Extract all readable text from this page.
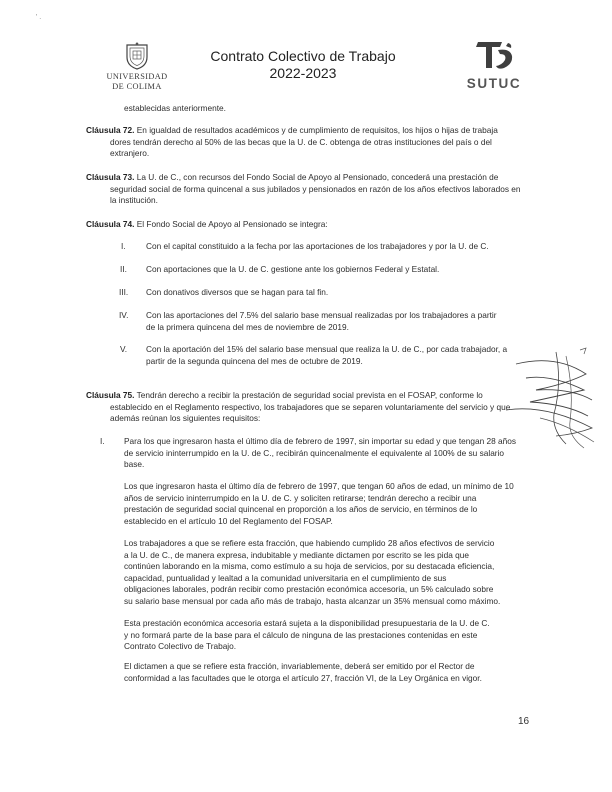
' .
UNIVERSIDAD
DE COLIMA
Contrato Colectivo de Trabajo
2022-2023
SUTUC
establecidas anteriormente.
Cláusula 72. En igualdad de resultados académicos y de cumplimiento de requisitos, los hijos o hijas de trabaja
dores tendrán derecho al 50% de las becas que la U. de C. obtenga de otras instituciones del país o del
extranjero.
Cláusula 73. La U. de C., con recursos del Fondo Social de Apoyo al Pensionado, concederá una prestación de
seguridad social de forma quincenal a sus jubilados y pensionados en razón de los años efectivos laborados en
la institución.
Cláusula 74. El Fondo Social de Apoyo al Pensionado se integra:
I. Con el capital constituido a la fecha por las aportaciones de los trabajadores y por la U. de C.
II. Con aportaciones que la U. de C. gestione ante los gobiernos Federal y Estatal.
III. Con donativos diversos que se hagan para tal fin.
IV. Con las aportaciones del 7.5% del salario base mensual realizadas por los trabajadores a partir
de la primera quincena del mes de noviembre de 2019.
V. Con la aportación del 15% del salario base mensual que realiza la U. de C., por cada trabajador, a
partir de la segunda quincena del mes de octubre de 2019.
Cláusula 75. Tendrán derecho a recibir la prestación de seguridad social prevista en el FOSAP, conforme lo
establecido en el Reglamento respectivo, los trabajadores que se separen voluntariamente del servicio y que
además reúnan los siguientes requisitos:
I. Para los que ingresaron hasta el último día de febrero de 1997, sin importar su edad y que tengan 28 años
de servicio ininterrumpido en la U. de C., recibirán quincenalmente el equivalente al 100% de su salario
base.
Los que ingresaron hasta el último día de febrero de 1997, que tengan 60 años de edad, un mínimo de 10
años de servicio ininterrumpido en la U. de C. y soliciten retirarse; tendrán derecho a recibir una
prestación de seguridad social quincenal en proporción a los años de servicio, en términos de lo
establecido en el artículo 10 del Reglamento del FOSAP.
Los trabajadores a que se refiere esta fracción, que habiendo cumplido 28 años efectivos de servicio
a la U. de C., de manera expresa, indubitable y mediante dictamen por escrito se les pida que
continúen laborando en la misma, como estímulo a su hoja de servicios, por su destacada eficiencia,
capacidad, puntualidad y lealtad a la comunidad universitaria en el cumplimiento de sus
obligaciones laborales, podrán recibir como prestación económica accesoria, un 5% calculado sobre
su salario base mensual por cada año más de trabajo, hasta alcanzar un 35% mensual como máximo.
Esta prestación económica accesoria estará sujeta a la disponibilidad presupuestaria de la U. de C.
y no formará parte de la base para el cálculo de ninguna de las prestaciones contenidas en este
Contrato Colectivo de Trabajo.
El dictamen a que se refiere esta fracción, invariablemente, deberá ser emitido por el Rector de
conformidad a las facultades que le otorga el artículo 27, fracción VI, de la Ley Orgánica en vigor.
16
